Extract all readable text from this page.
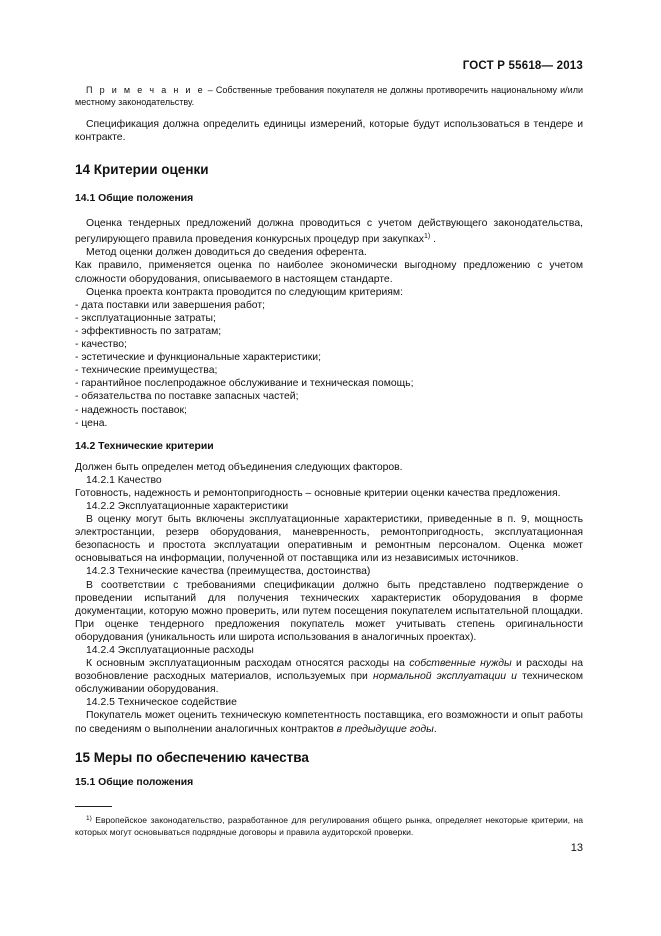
ГОСТ Р 55618— 2013

П р и м е ч а н и е – Собственные требования покупателя не должны противоречить национальному и/или местному законодательству.

Спецификация должна определить единицы измерений, которые будут использоваться в тендере и контракте.

14 Критерии оценки
14.1 Общие положения

Оценка тендерных предложений должна проводиться с учетом действующего законодательства, регулирующего правила проведения конкурсных процедур при закупках$^{1)}$ .

Метод оценки должен доводиться до сведения оферента.

Как правило, применяется оценка по наиболее экономически выгодному предложению с учетом сложности оборудования, описываемого в настоящем стандарте.

Оценка проекта контракта проводится по следующим критериям:

- дата поставки или завершения работ;

- эксплуатационные затраты;

- эффективность по затратам;

- качество;

- эстетические и функциональные характеристики;

- технические преимущества;

- гарантийное послепродажное обслуживание и техническая помощь;

- обязательства по поставке запасных частей;

- надежность поставок;

- цена.

14.2 Технические критерии

Должен быть определен метод объединения следующих факторов.

14.2.1 Качество

Готовность, надежность и ремонтопригодность – основные критерии оценки качества предложения.

14.2.2 Эксплуатационные характеристики

В оценку могут быть включены эксплуатационные характеристики, приведенные в п. 9, мощность электростанции, резерв оборудования, маневренность, ремонтопригодность, эксплуатационная безопасность и простота эксплуатации оперативным и ремонтным персоналом. Оценка может основываться на информации, полученной от поставщика или из независимых источников.

14.2.3 Технические качества (преимущества, достоинства)

В соответствии с требованиями спецификации должно быть представлено подтверждение о проведении испытаний для получения технических характеристик оборудования в форме документации, которую можно проверить, или путем посещения покупателем испытательной площадки. При оценке тендерного предложения покупатель может учитывать степень оригинальности оборудования (уникальность или широта использования в аналогичных проектах).

14.2.4 Эксплуатационные расходы

К основным эксплуатационным расходам относятся расходы на собственные нужды и расходы на возобновление расходных материалов, используемых при нормальной эксплуатации и техническом обслуживании оборудования.

14.2.5 Техническое содействие

Покупатель может оценить техническую компетентность поставщика, его возможности и опыт работы по сведениям о выполнении аналогичных контрактов в предыдущие годы.

15 Меры по обеспечению качества
15.1 Общие положения

$^{1)}$ Европейское законодательство, разработанное для регулирования общего рынка, определяет некоторые критерии, на которых могут основываться подрядные договоры и правила аудиторской проверки.

13
